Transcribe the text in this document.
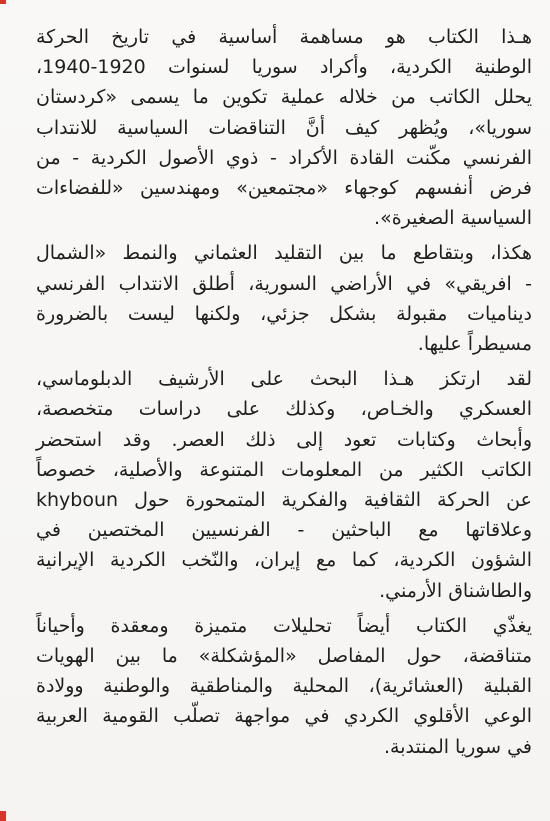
هـذا الكتاب هو مساهمة أساسية في تاريخ الحركة
الوطنية الكردية، وأكراد سوريا لسنوات 1920-1940،
يحلل الكاتب من خلاله عملية تكوين ما يسمى «كردستان
سوريا»، ويُظهر كيف أنَّ التناقضات السياسية للانتداب
الفرنسي مكّنت القادة الأكراد - ذوي الأصول الكردية - من
فرض أنفسهم كوجهاء «مجتمعين» ومهندسين «للفضاءات
السياسية الصغيرة».

هكذا، وبتقاطع ما بين التقليد العثماني والنمط «الشمال
- افريقي» في الأراضي السورية، أطلق الانتداب الفرنسي
ديناميات مقبولة بشكل جزئي، ولكنها ليست بالضرورة
مسيطراً عليها.

لقد ارتكز هـذا البحث على الأرشيف الدبلوماسي،
العسكري والخـاص، وكذلك على دراسات متخصصة،
وأبحاث وكتابات تعود إلى ذلك العصر. وقد استحضر
الكاتب الكثير من المعلومات المتنوعة والأصلية، خصوصاً
عن الحركة الثقافية والفكرية المتمحورة حول khyboun
وعلاقاتها مع الباحثين - الفرنسيين المختصين في
الشؤون الكردية، كما مع إيران، والنّخب الكردية الإيرانية
والطاشناق الأرمني.

يغذّي الكتاب أيضاً تحليلات متميزة ومعقدة وأحياناً
متناقضة، حول المفاصل «المؤشكلة» ما بين الهويات
القبلية (العشائرية)، المحلية والمناطقية والوطنية وولادة
الوعي الأقلوي الكردي في مواجهة تصلّب القومية العربية
في سوريا المنتدبة.
